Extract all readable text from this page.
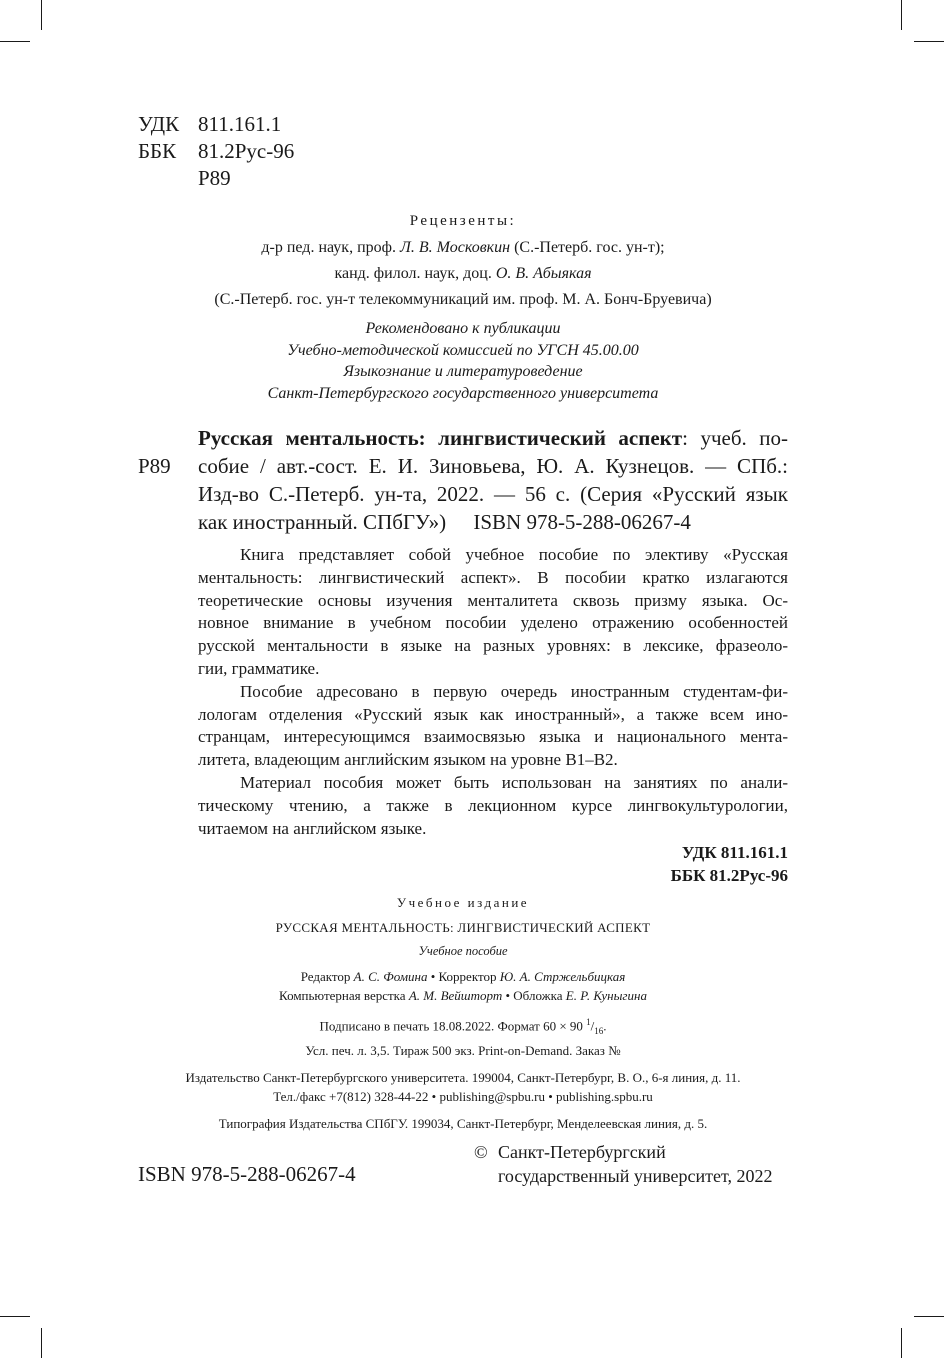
УДК 811.161.1
ББК 81.2Рус-96
Р89
Рецензенты:
д-р пед. наук, проф. Л. В. Московкин (С.-Петерб. гос. ун-т);
канд. филол. наук, доц. О. В. Абыякая
(С.-Петерб. гос. ун-т телекоммуникаций им. проф. М. А. Бонч-Бруевича)
Рекомендовано к публикации
Учебно-методической комиссией по УГСН 45.00.00
Языкознание и литературоведение
Санкт-Петербургского государственного университета
Р89
Русская ментальность: лингвистический аспект: учеб. по-
собие / авт.-сост. Е. И. Зиновьева, Ю. А. Кузнецов. — СПб.:
Изд-во С.-Петерб. ун-та, 2022. — 56 с. (Серия «Русский язык
как иностранный. СПбГУ») ISBN 978-5-288-06267-4
Книга представляет собой учебное пособие по элективу «Русская
ментальность: лингвистический аспект». В пособии кратко излагаются
теоретические основы изучения менталитета сквозь призму языка. Ос-
новное внимание в учебном пособии уделено отражению особенностей
русской ментальности в языке на разных уровнях: в лексике, фразеоло-
гии, грамматике.
Пособие адресовано в первую очередь иностранным студентам-фи-
лологам отделения «Русский язык как иностранный», а также всем ино-
странцам, интересующимся взаимосвязью языка и национального мента-
литета, владеющим английским языком на уровне B1–B2.
Материал пособия может быть использован на занятиях по анали-
тическому чтению, а также в лекционном курсе лингвокультурологии,
читаемом на английском языке.
УДК 811.161.1
ББК 81.2Рус-96
Учебное издание
РУССКАЯ МЕНТАЛЬНОСТЬ: ЛИНГВИСТИЧЕСКИЙ АСПЕКТ
Учебное пособие
Редактор А. С. Фомина • Корректор Ю. А. Стржельбицкая
Компьютерная верстка А. М. Вейшторт • Обложка Е. Р. Куныгина
Подписано в печать 18.08.2022. Формат 60 × 90 $^1/_{16}$.
Усл. печ. л. 3,5. Тираж 500 экз. Print-on-Demand. Заказ №
Издательство Санкт-Петербургского университета. 199004, Санкт-Петербург, В. О., 6-я линия, д. 11.
Тел./факс +7(812) 328-44-22 • publishing@spbu.ru • publishing.spbu.ru
Типография Издательства СПбГУ. 199034, Санкт-Петербург, Менделеевская линия, д. 5.
ISBN 978-5-288-06267-4
© Санкт-Петербургский
государственный университет, 2022
